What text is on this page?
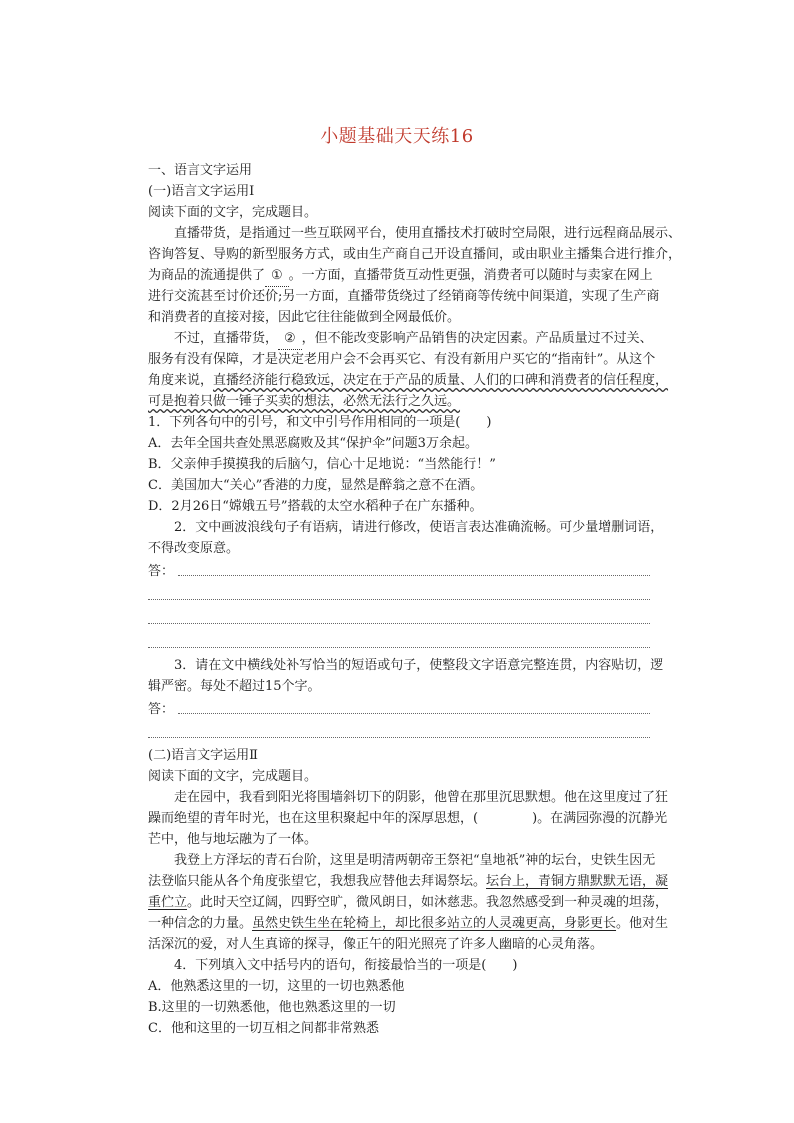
小题基础天天练16
一、语言文字运用
(一)语言文字运用Ⅰ
阅读下面的文字，完成题目。
直播带货，是指通过一些互联网平台，使用直播技术打破时空局限，进行远程商品展示、
咨询答复、导购的新型服务方式，或由生产商自己开设直播间，或由职业主播集合进行推介，
为商品的流通提供了 ① 。一方面，直播带货互动性更强，消费者可以随时与卖家在网上
进行交流甚至讨价还价;另一方面，直播带货绕过了经销商等传统中间渠道，实现了生产商
和消费者的直接对接，因此它往往能做到全网最低价。
不过，直播带货， ② ，但不能改变影响产品销售的决定因素。产品质量过不过关、
服务有没有保障，才是决定老用户会不会再买它、有没有新用户买它的“指南针”。从这个
角度来说，直播经济能行稳致远，决定在于产品的质量、人们的口碑和消费者的信任程度，
可是抱着只做一锤子买卖的想法，必然无法行之久远。
1．下列各句中的引号，和文中引号作用相同的一项是(　　)
A．去年全国共查处黑恶腐败及其“保护伞”问题3万余起。
B．父亲伸手摸摸我的后脑勺，信心十足地说：“当然能行！”
C．美国加大“关心”香港的力度，显然是醉翁之意不在酒。
D．2月26日“嫦娥五号”搭载的太空水稻种子在广东播种。
2．文中画波浪线句子有语病，请进行修改，使语言表达准确流畅。可少量增删词语，
不得改变原意。
答：
3．请在文中横线处补写恰当的短语或句子，使整段文字语意完整连贯，内容贴切，逻
辑严密。每处不超过15个字。
答：
(二)语言文字运用Ⅱ
阅读下面的文字，完成题目。
走在园中，我看到阳光将围墙斜切下的阴影，他曾在那里沉思默想。他在这里度过了狂
躁而绝望的青年时光，也在这里积聚起中年的深厚思想，(	)。在满园弥漫的沉静光
芒中，他与地坛融为了一体。
我登上方泽坛的青石台阶，这里是明清两朝帝王祭祀“皇地祇”神的坛台，史铁生因无
法登临只能从各个角度张望它，我想我应替他去拜谒祭坛。坛台上，青铜方鼎默默无语，凝
重伫立。此时天空辽阔，四野空旷，微风朗日，如沐慈悲。我忽然感受到一种灵魂的坦荡，
一种信念的力量。虽然史铁生坐在轮椅上，却比很多站立的人灵魂更高，身影更长。他对生
活深沉的爱，对人生真谛的探寻，像正午的阳光照亮了许多人幽暗的心灵角落。
4．下列填入文中括号内的语句，衔接最恰当的一项是(　　)
A．他熟悉这里的一切，这里的一切也熟悉他
B.这里的一切熟悉他，他也熟悉这里的一切
C．他和这里的一切互相之间都非常熟悉
